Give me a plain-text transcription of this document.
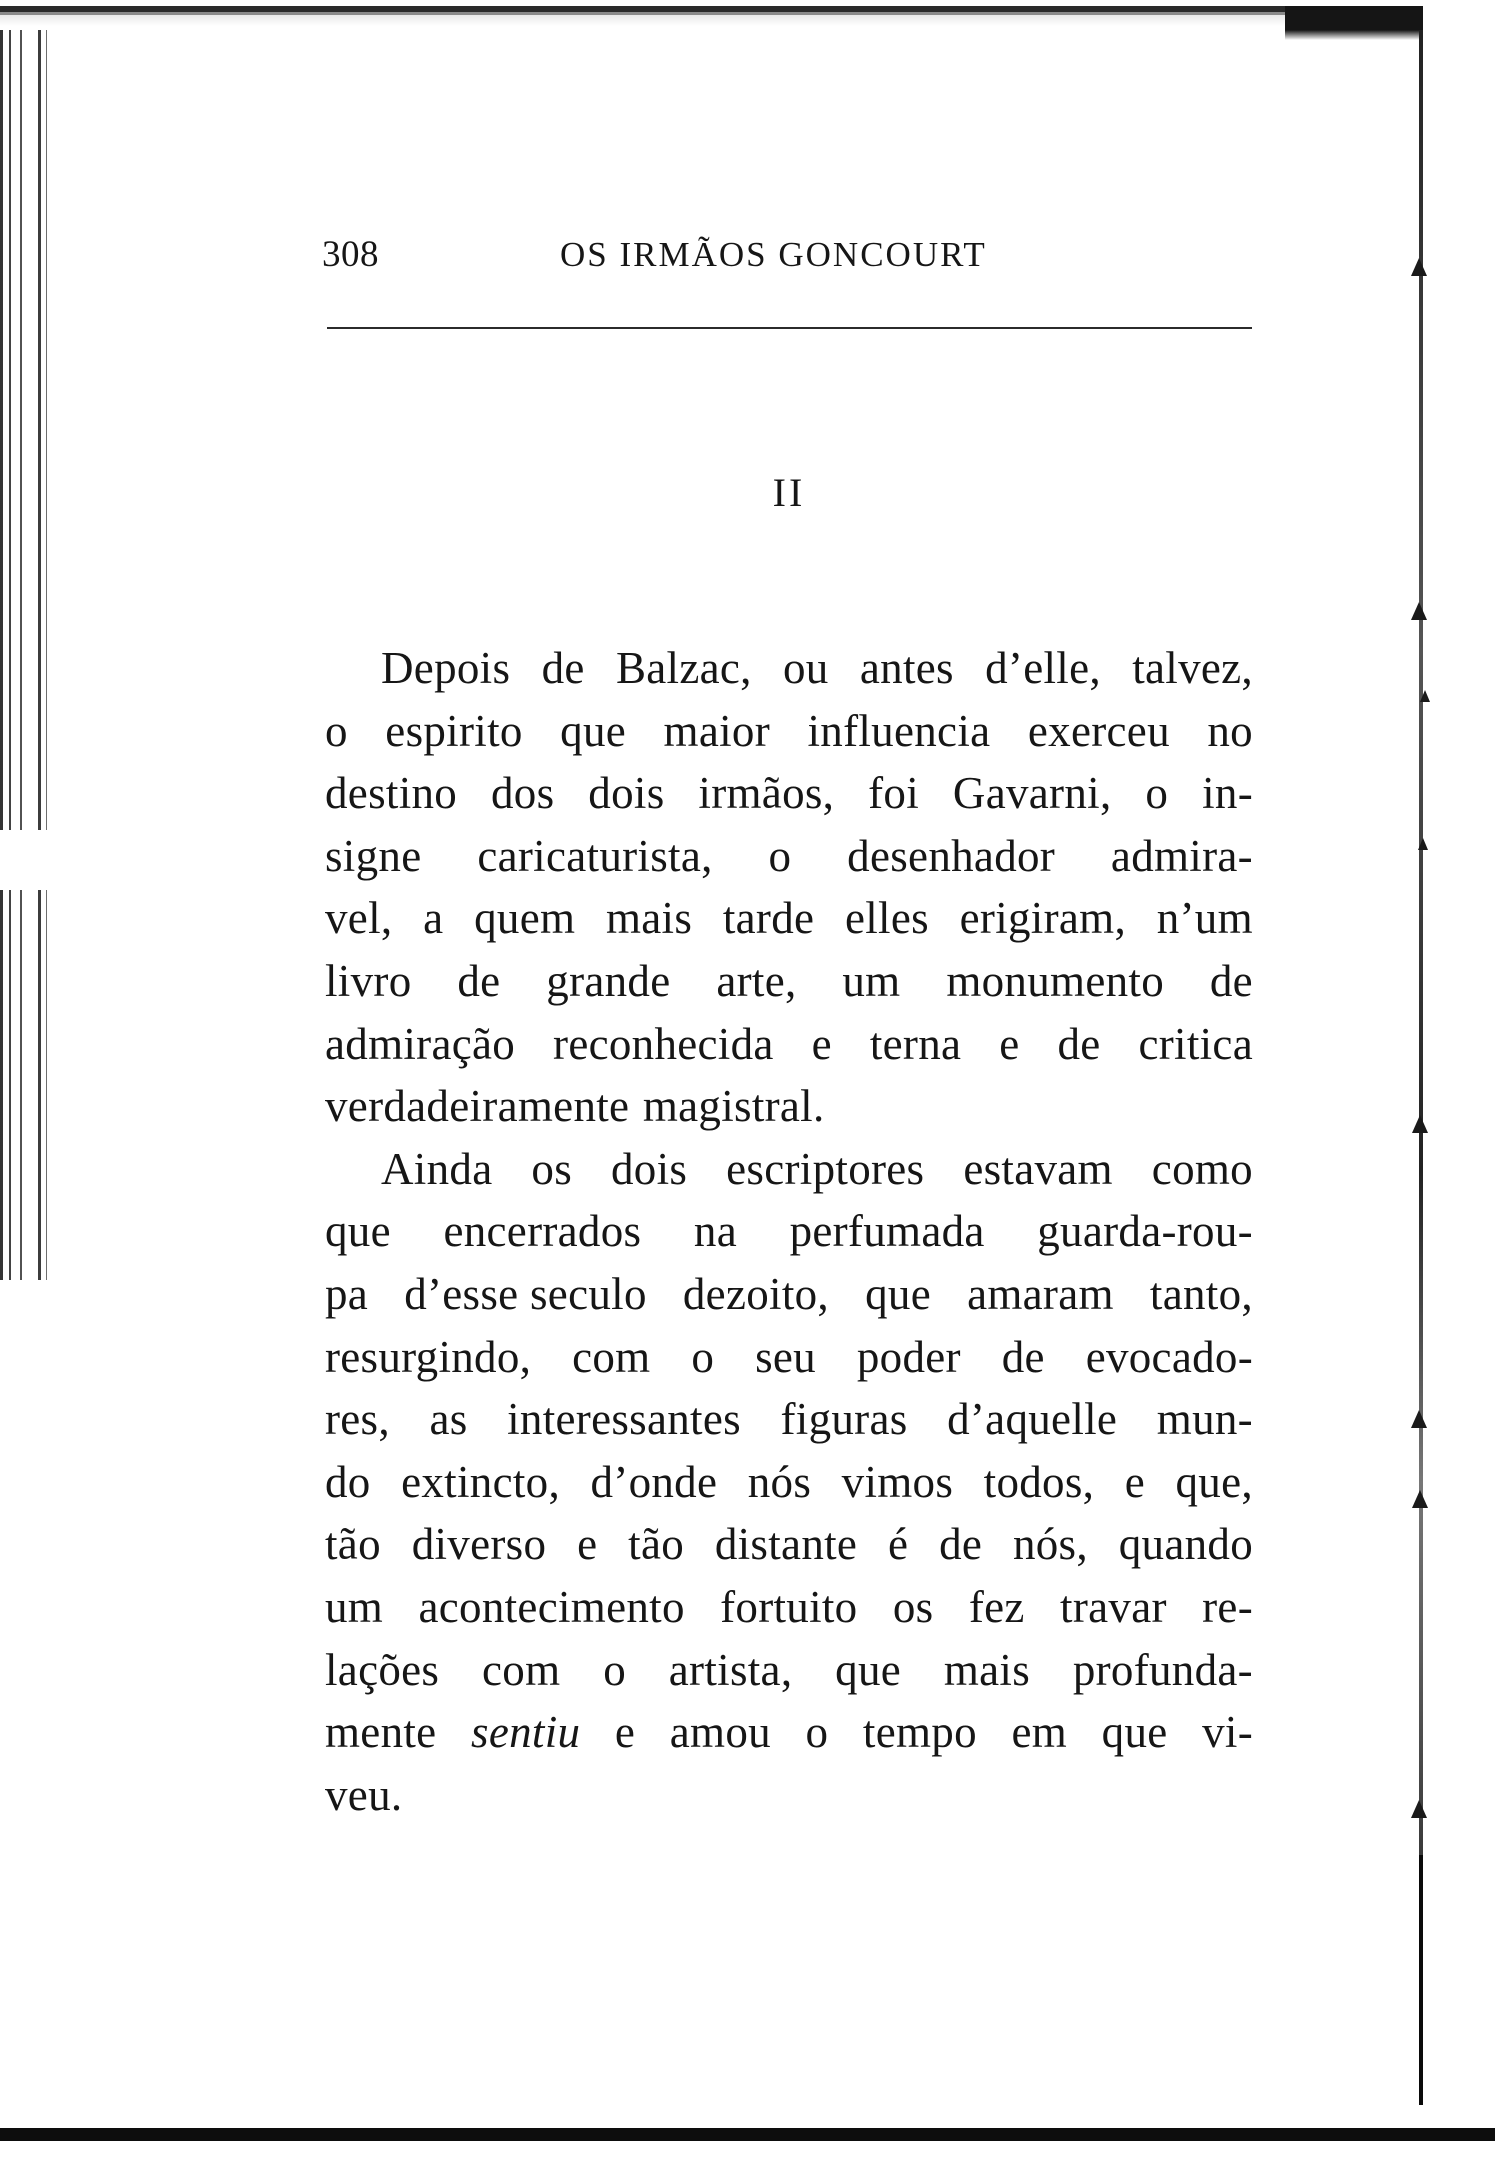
308	OS IRMÃOS GONCOURT
II
Depois de Balzac, ou antes d’elle, talvez,
o espirito que maior influencia exerceu no
destino dos dois irmãos, foi Gavarni, o in-
signe caricaturista, o desenhador admira-
vel, a quem mais tarde elles erigiram, n’um
livro de grande arte, um monumento de
admiração reconhecida e terna e de critica
verdadeiramente magistral.
Ainda os dois escriptores estavam como
que encerrados na perfumada guarda-rou-
pa d’esse seculo dezoito, que amaram tanto,
resurgindo, com o seu poder de evocado-
res, as interessantes figuras d’aquelle mun-
do extincto, d’onde nós vimos todos, e que,
tão diverso e tão distante é de nós, quando
um acontecimento fortuito os fez travar re-
lações com o artista, que mais profunda-
mente sentiu e amou o tempo em que vi-
veu.
